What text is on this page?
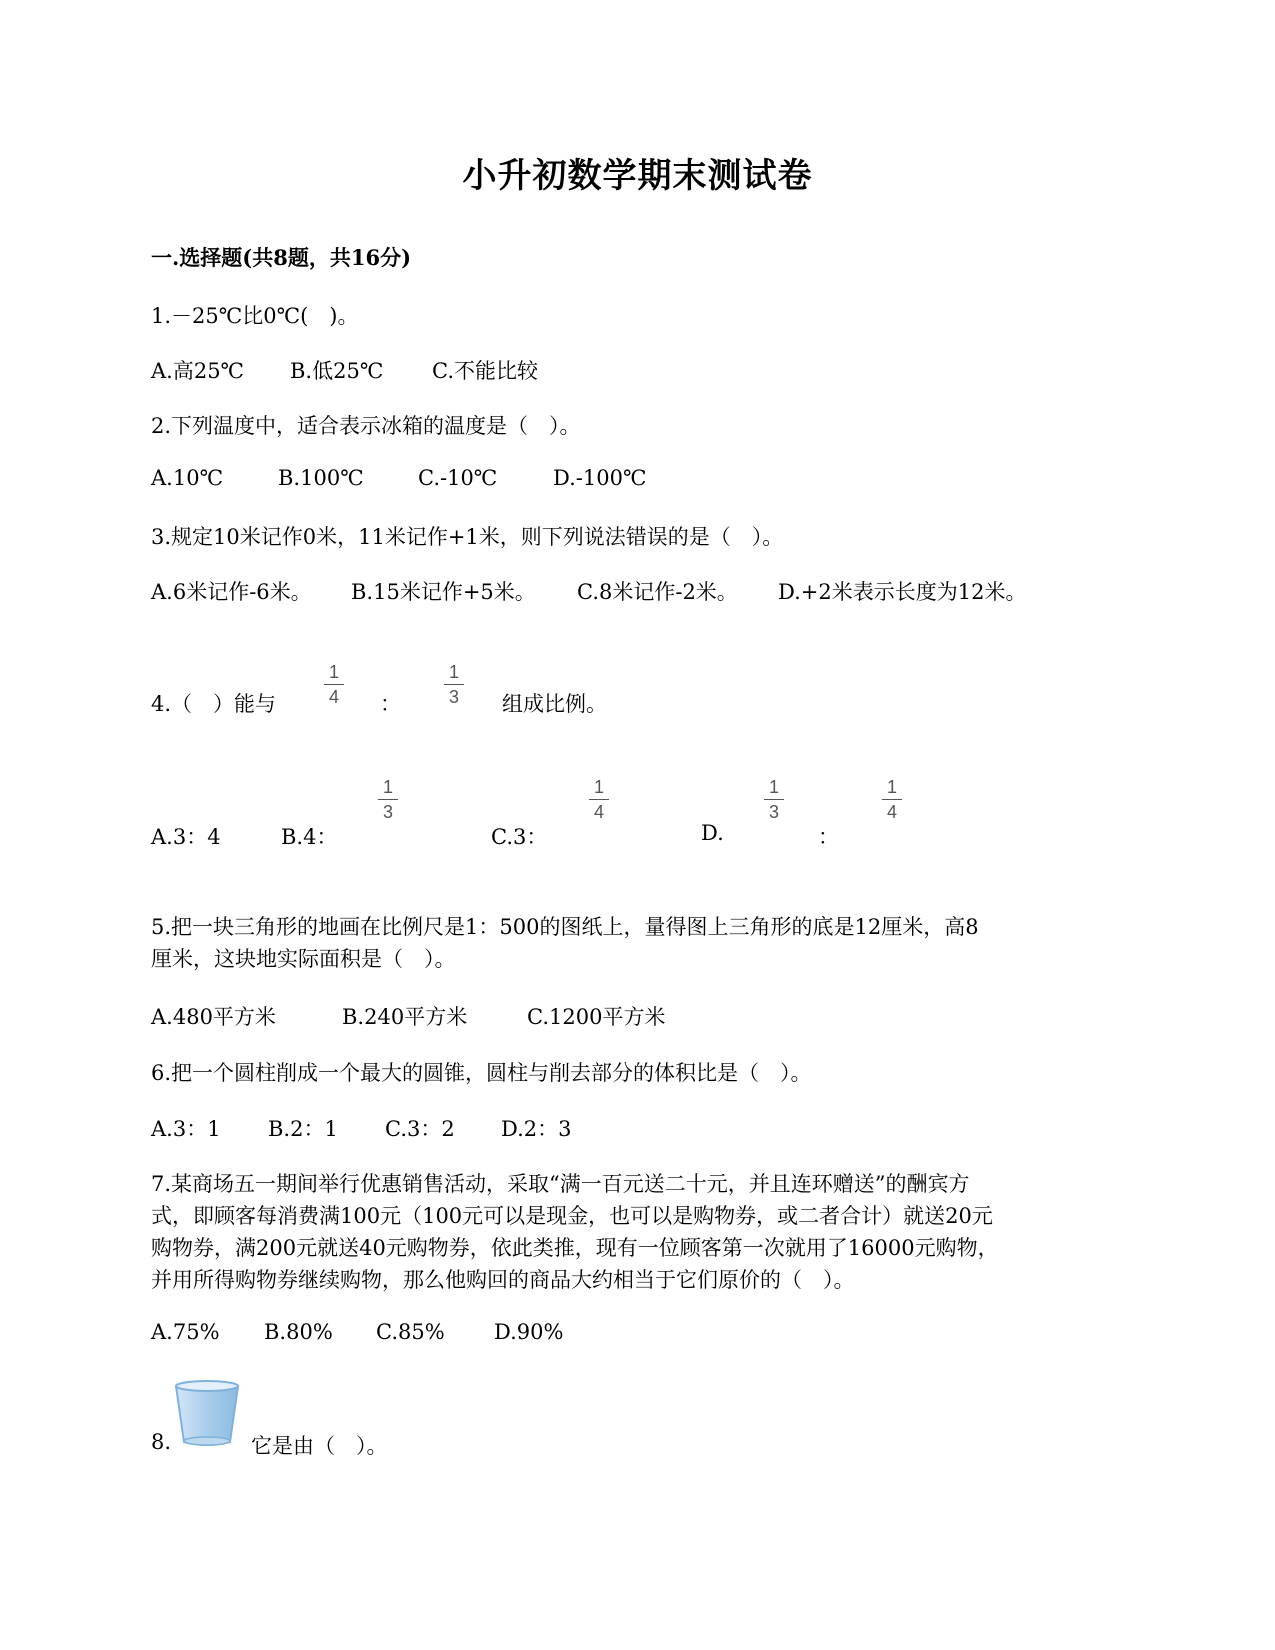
小升初数学期末测试卷
一.选择题(共8题，共16分)
1.－25℃比0℃(　)。
A.高25℃ B.低25℃ C.不能比较
2.下列温度中，适合表示冰箱的温度是（　）。
A.10℃	B.100℃	C.-10℃	D.-100℃
3.规定10米记作0米，11米记作+1米，则下列说法错误的是（　）。
A.6米记作-6米。 B.15米记作+5米。 C.8米记作-2米。 D.+2米表示长度为12米。
4.（　）能与
1
4 ：
1
3 组成比例。
A.3：4	B.4：
1
3
C.3：
1
4
D.
1
3
：
1
4
5.把一块三角形的地画在比例尺是1：500的图纸上，量得图上三角形的底是12厘米，高8
厘米，这块地实际面积是（　）。
A.480平方米	B.240平方米	C.1200平方米
6.把一个圆柱削成一个最大的圆锥，圆柱与削去部分的体积比是（　）。
A.3：1 B.2：1 C.3：2 D.2：3
7.某商场五一期间举行优惠销售活动，采取“满一百元送二十元，并且连环赠送”的酬宾方
式，即顾客每消费满100元（100元可以是现金，也可以是购物券，或二者合计）就送20元
购物券，满200元就送40元购物券，依此类推，现有一位顾客第一次就用了16000元购物，
并用所得购物券继续购物，那么他购回的商品大约相当于它们原价的（　）。
A.75% B.80% C.85% D.90%
8.	它是由（　）。
